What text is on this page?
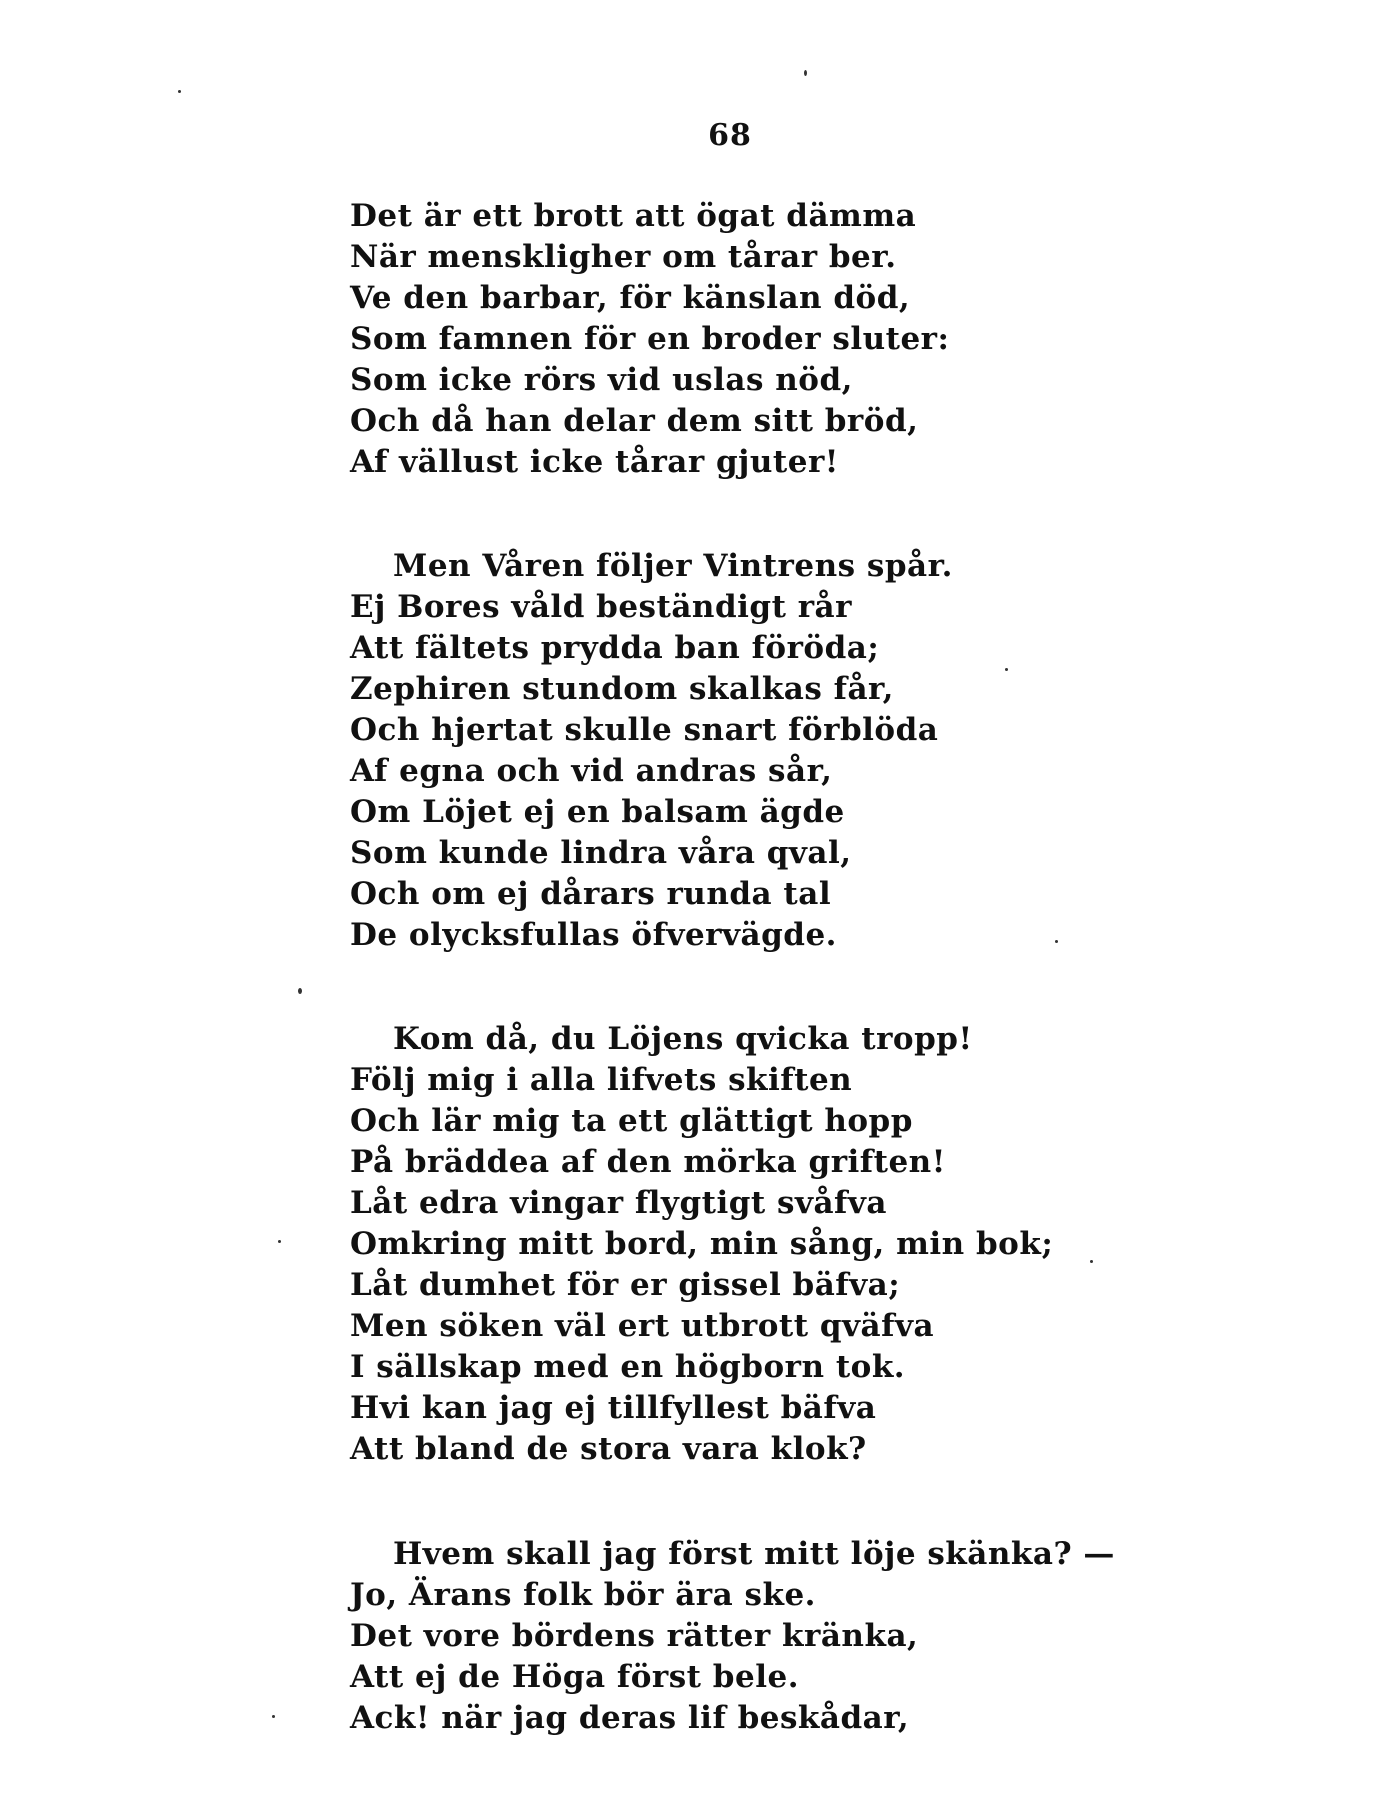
68
Det är ett brott att ögat dämma
När menskligher om tårar ber.
Ve den barbar, för känslan död,
Som famnen för en broder sluter:
Som icke rörs vid uslas nöd,
Och då han delar dem sitt bröd,
Af vällust icke tårar gjuter!
Men Våren följer Vintrens spår.
Ej Bores våld beständigt rår
Att fältets prydda ban föröda;
Zephiren stundom skalkas får,
Och hjertat skulle snart förblöda
Af egna och vid andras sår,
Om Löjet ej en balsam ägde
Som kunde lindra våra qval,
Och om ej dårars runda tal
De olycksfullas öfvervägde.
Kom då, du Löjens qvicka tropp!
Följ mig i alla lifvets skiften
Och lär mig ta ett glättigt hopp
På bräddea af den mörka griften!
Låt edra vingar flygtigt svåfva
Omkring mitt bord, min sång, min bok;
Låt dumhet för er gissel bäfva;
Men söken väl ert utbrott qväfva
I sällskap med en högborn tok.
Hvi kan jag ej tillfyllest bäfva
Att bland de stora vara klok?
Hvem skall jag först mitt löje skänka? —
Jo, Ärans folk bör ära ske.
Det vore bördens rätter kränka,
Att ej de Höga först bele.
Ack! när jag deras lif beskådar,
